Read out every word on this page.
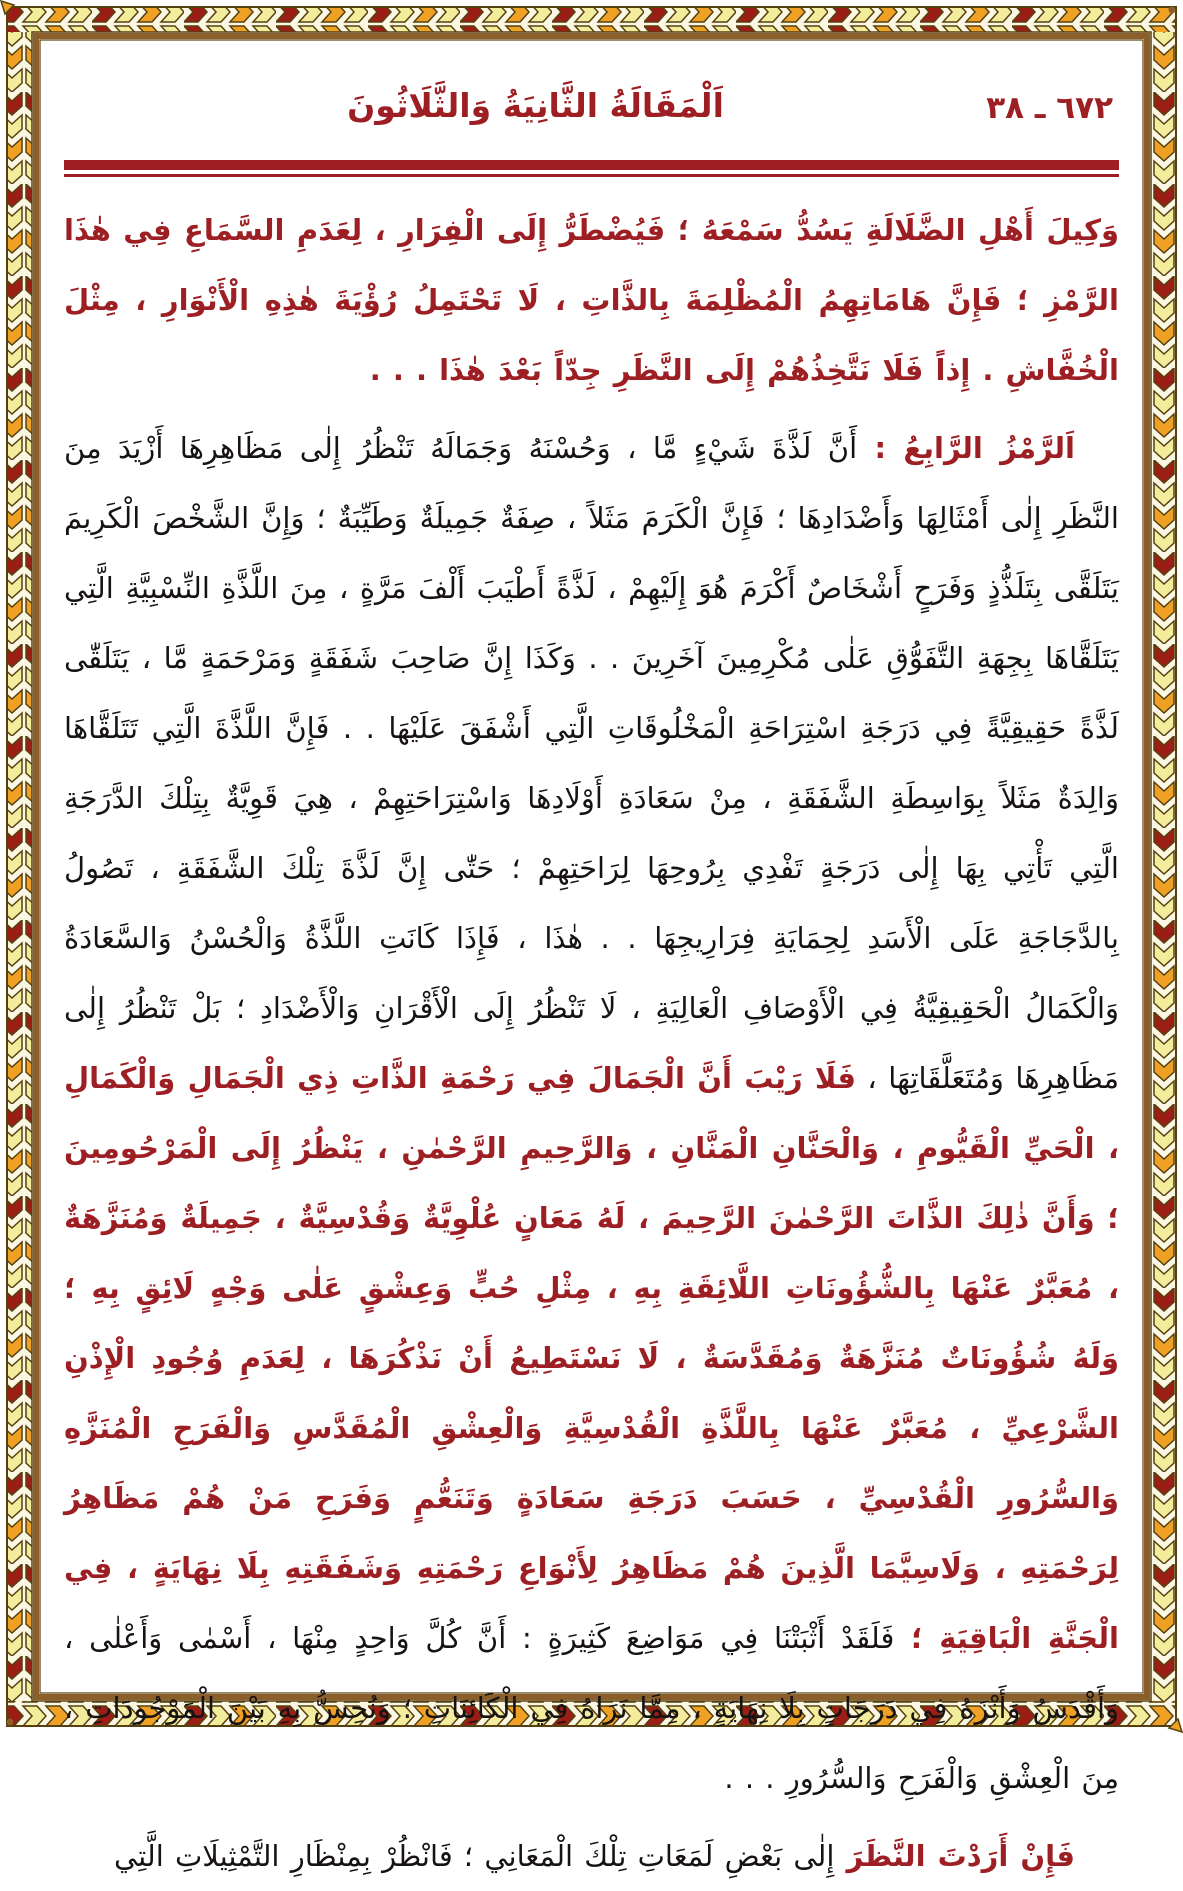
اَلْمَقَالَةُ الثَّانِيَةُ وَالثَّلَاثُونَ	٦٧٢ ـ ٣٨

وَكِيلَ أَهْلِ الضَّلَالَةِ يَسُدُّ سَمْعَهُ ؛ فَيُضْطَرُّ إِلَى الْفِرَارِ ، لِعَدَمِ السَّمَاعِ فِي هٰذَا الرَّمْزِ ؛ فَإِنَّ هَامَاتِهِمُ الْمُظْلِمَةَ بِالذَّاتِ ، لَا تَحْتَمِلُ رُؤْيَةَ هٰذِهِ الْأَنْوَارِ ، مِثْلَ الْخُفَّاشِ . إِذاً فَلَا نَتَّخِذُهُمْ إِلَى النَّظَرِ جِدّاً بَعْدَ هٰذَا . . .

اَلرَّمْزُ الرَّابِعُ : أَنَّ لَذَّةَ شَيْءٍ مَّا ، وَحُسْنَهُ وَجَمَالَهُ تَنْظُرُ إِلٰى مَظَاهِرِهَا أَزْيَدَ مِنَ النَّظَرِ إِلٰى أَمْثَالِهَا وَأَضْدَادِهَا ؛ فَإِنَّ الْكَرَمَ مَثَلاً ، صِفَةٌ جَمِيلَةٌ وَطَيِّبَةٌ ؛ وَإِنَّ الشَّخْصَ الْكَرِيمَ يَتَلَقَّى بِتَلَذُّذٍ وَفَرَحٍ أَشْخَاصٌ أَكْرَمَ هُوَ إِلَيْهِمْ ، لَذَّةً أَطْيَبَ أَلْفَ مَرَّةٍ ، مِنَ اللَّذَّةِ النِّسْبِيَّةِ الَّتِي يَتَلَقَّاهَا بِجِهَةِ التَّفَوُّقِ عَلٰى مُكْرِمِينَ آخَرِينَ . . وَكَذَا إِنَّ صَاحِبَ شَفَقَةٍ وَمَرْحَمَةٍ مَّا ، يَتَلَقّٰى لَذَّةً حَقِيقِيَّةً فِي دَرَجَةِ اسْتِرَاحَةِ الْمَخْلُوقَاتِ الَّتِي أَشْفَقَ عَلَيْهَا . . فَإِنَّ اللَّذَّةَ الَّتِي تَتَلَقَّاهَا وَالِدَةٌ مَثَلاً بِوَاسِطَةِ الشَّفَقَةِ ، مِنْ سَعَادَةِ أَوْلَادِهَا وَاسْتِرَاحَتِهِمْ ، هِيَ قَوِيَّةٌ بِتِلْكَ الدَّرَجَةِ الَّتِي تَأْتِي بِهَا إِلٰى دَرَجَةٍ تَفْدِي بِرُوحِهَا لِرَاحَتِهِمْ ؛ حَتّٰى إِنَّ لَذَّةَ تِلْكَ الشَّفَقَةِ ، تَصُولُ بِالدَّجَاجَةِ عَلَى الْأَسَدِ لِحِمَايَةِ فِرَارِيجِهَا . . هٰذَا ، فَإِذَا كَانَتِ اللَّذَّةُ وَالْحُسْنُ وَالسَّعَادَةُ وَالْكَمَالُ الْحَقِيقِيَّةُ فِي الْأَوْصَافِ الْعَالِيَةِ ، لَا تَنْظُرُ إِلَى الْأَقْرَانِ وَالْأَضْدَادِ ؛ بَلْ تَنْظُرُ إِلٰى مَظَاهِرِهَا وَمُتَعَلَّقَاتِهَا ، فَلَا رَيْبَ أَنَّ الْجَمَالَ فِي رَحْمَةِ الذَّاتِ ذِي الْجَمَالِ وَالْكَمَالِ ، الْحَيِّ الْقَيُّومِ ، وَالْحَنَّانِ الْمَنَّانِ ، وَالرَّحِيمِ الرَّحْمٰنِ ، يَنْظُرُ إِلَى الْمَرْحُومِينَ ؛ وَأَنَّ ذٰلِكَ الذَّاتَ الرَّحْمٰنَ الرَّحِيمَ ، لَهُ مَعَانٍ عُلْوِيَّةٌ وَقُدْسِيَّةٌ ، جَمِيلَةٌ وَمُنَزَّهَةٌ ، مُعَبَّرٌ عَنْهَا بِالشُّؤُونَاتِ اللَّائِقَةِ بِهِ ، مِثْلِ حُبٍّ وَعِشْقٍ عَلٰى وَجْهٍ لَائِقٍ بِهِ ؛ وَلَهُ شُؤُونَاتٌ مُنَزَّهَةٌ وَمُقَدَّسَةٌ ، لَا نَسْتَطِيعُ أَنْ نَذْكُرَهَا ، لِعَدَمِ وُجُودِ الْإِذْنِ الشَّرْعِيِّ ، مُعَبَّرٌ عَنْهَا بِاللَّذَّةِ الْقُدْسِيَّةِ وَالْعِشْقِ الْمُقَدَّسِ وَالْفَرَحِ الْمُنَزَّهِ وَالسُّرُورِ الْقُدْسِيِّ ، حَسَبَ دَرَجَةِ سَعَادَةٍ وَتَنَعُّمٍ وَفَرَحِ مَنْ هُمْ مَظَاهِرُ لِرَحْمَتِهِ ، وَلَاسِيَّمَا الَّذِينَ هُمْ مَظَاهِرُ لِأَنْوَاعِ رَحْمَتِهِ وَشَفَقَتِهِ بِلَا نِهَايَةٍ ، فِي الْجَنَّةِ الْبَاقِيَةِ ؛ فَلَقَدْ أَثْبَتْنَا فِي مَوَاضِعَ كَثِيرَةٍ : أَنَّ كُلَّ وَاحِدٍ مِنْهَا ، أَسْمٰى وَأَعْلٰى ، وَأَقْدَسُ وَأَنْزَهُ فِي دَرَجَاتٍ بِلَا نِهَايَةٍ ، مِمَّا نَرَاهُ فِي الْكَائِنَاتِ ؛ وَنُحِسُّ بِهِ بَيْنَ الْمَوْجُودَاتِ ، مِنَ الْعِشْقِ وَالْفَرَحِ وَالسُّرُورِ . . .

فَإِنْ أَرَدْتَ النَّظَرَ إِلٰى بَعْضِ لَمَعَاتِ تِلْكَ الْمَعَانِي ؛ فَانْظُرْ بِمِنْظَارِ التَّمْثِيلَاتِ الَّتِي
